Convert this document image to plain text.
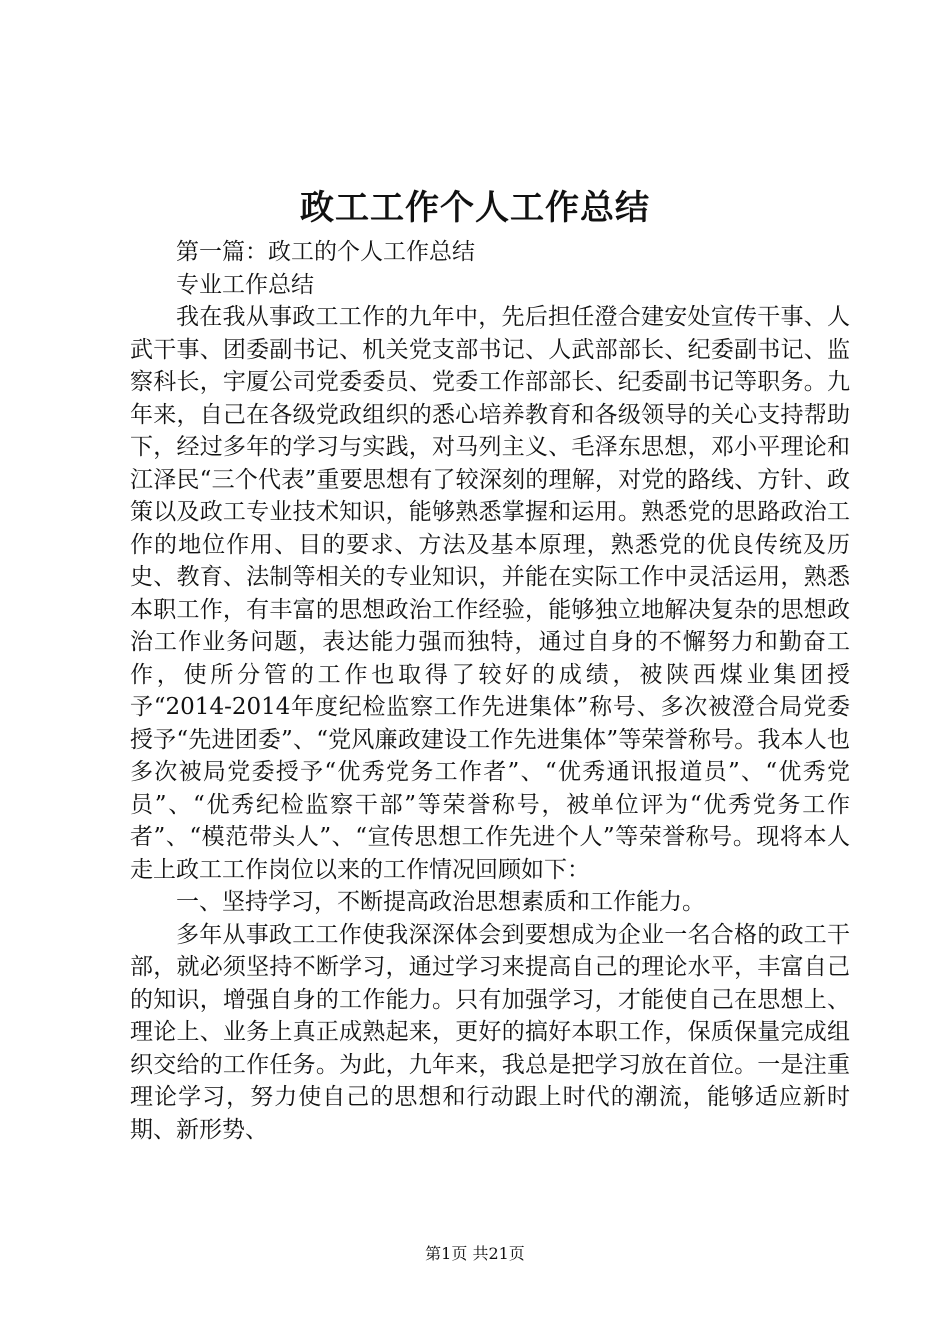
政工工作个人工作总结

第一篇：政工的个人工作总结

专业工作总结

我在我从事政工工作的九年中，先后担任澄合建安处宣传干事、人武干事、团委副书记、机关党支部书记、人武部部长、纪委副书记、监察科长，宇厦公司党委委员、党委工作部部长、纪委副书记等职务。九年来，自己在各级党政组织的悉心培养教育和各级领导的关心支持帮助下，经过多年的学习与实践，对马列主义、毛泽东思想，邓小平理论和江泽民“三个代表”重要思想有了较深刻的理解，对党的路线、方针、政策以及政工专业技术知识，能够熟悉掌握和运用。熟悉党的思路政治工作的地位作用、目的要求、方法及基本原理，熟悉党的优良传统及历史、教育、法制等相关的专业知识，并能在实际工作中灵活运用，熟悉本职工作，有丰富的思想政治工作经验，能够独立地解决复杂的思想政治工作业务问题，表达能力强而独特，通过自身的不懈努力和勤奋工作，使所分管的工作也取得了较好的成绩，被陕西煤业集团授予“2014-2014年度纪检监察工作先进集体”称号、多次被澄合局党委授予“先进团委”、“党风廉政建设工作先进集体”等荣誉称号。我本人也多次被局党委授予“优秀党务工作者”、“优秀通讯报道员”、“优秀党员”、“优秀纪检监察干部”等荣誉称号，被单位评为“优秀党务工作者”、“模范带头人”、“宣传思想工作先进个人”等荣誉称号。现将本人走上政工工作岗位以来的工作情况回顾如下：

一、坚持学习，不断提高政治思想素质和工作能力。

多年从事政工工作使我深深体会到要想成为企业一名合格的政工干部，就必须坚持不断学习，通过学习来提高自己的理论水平，丰富自己的知识，增强自身的工作能力。只有加强学习，才能使自己在思想上、理论上、业务上真正成熟起来，更好的搞好本职工作，保质保量完成组织交给的工作任务。为此，九年来，我总是把学习放在首位。一是注重理论学习，努力使自己的思想和行动跟上时代的潮流，能够适应新时期、新形势、

第1页 共21页
